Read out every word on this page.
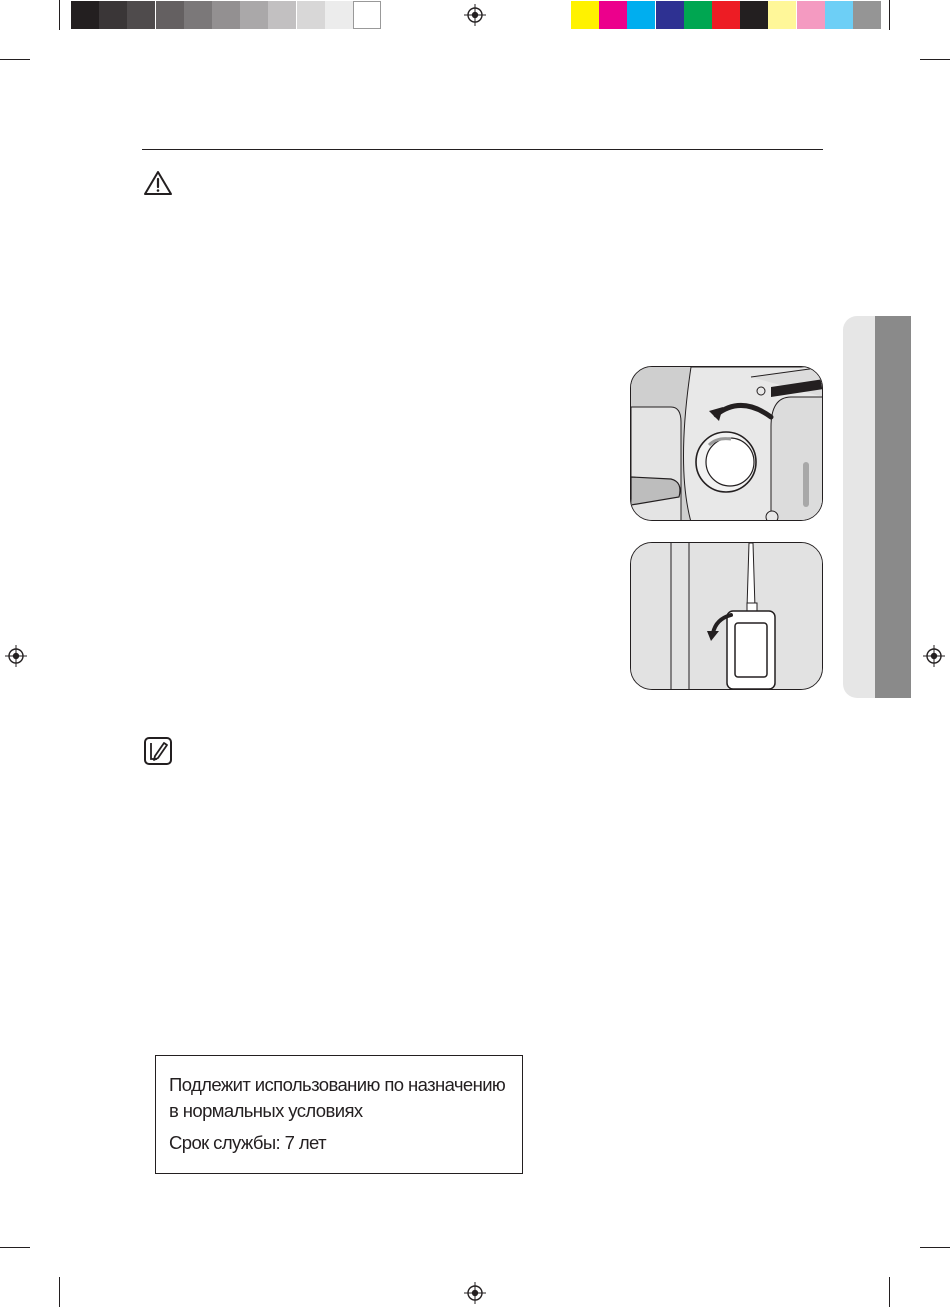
Подлежит использованию по назначению

в нормальных условиях

Срок службы: 7 лет
